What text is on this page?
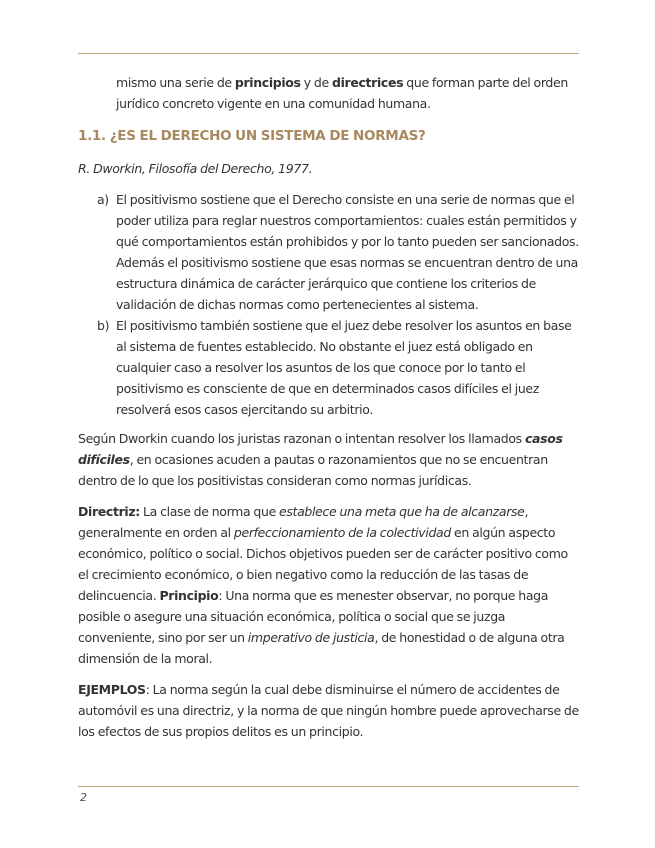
mismo una serie de principios y de directrices que forman parte del orden jurídico concreto vigente en una comunidad humana.

1.1. ¿ES EL DERECHO UN SISTEMA DE NORMAS?

R. Dworkin, Filosofía del Derecho, 1977.

a) El positivismo sostiene que el Derecho consiste en una serie de normas que el poder utiliza para reglar nuestros comportamientos: cuales están permitidos y qué comportamientos están prohibidos y por lo tanto pueden ser sancionados. Además el positivismo sostiene que esas normas se encuentran dentro de una estructura dinámica de carácter jerárquico que contiene los criterios de validación de dichas normas como pertenecientes al sistema.
b) El positivismo también sostiene que el juez debe resolver los asuntos en base al sistema de fuentes establecido. No obstante el juez está obligado en cualquier caso a resolver los asuntos de los que conoce por lo tanto el positivismo es consciente de que en determinados casos difíciles el juez resolverá esos casos ejercitando su arbitrio.

Según Dworkin cuando los juristas razonan o intentan resolver los llamados casos difíciles, en ocasiones acuden a pautas o razonamientos que no se encuentran dentro de lo que los positivistas consideran como normas jurídicas.

Directriz: La clase de norma que establece una meta que ha de alcanzarse, generalmente en orden al perfeccionamiento de la colectividad en algún aspecto económico, político o social. Dichos objetivos pueden ser de carácter positivo como el crecimiento económico, o bien negativo como la reducción de las tasas de delincuencia. Principio: Una norma que es menester observar, no porque haga posible o asegure una situación económica, política o social que se juzga conveniente, sino por ser un imperativo de justicia, de honestidad o de alguna otra dimensión de la moral.

EJEMPLOS: La norma según la cual debe disminuirse el número de accidentes de automóvil es una directriz, y la norma de que ningún hombre puede aprovecharse de los efectos de sus propios delitos es un principio.

2
